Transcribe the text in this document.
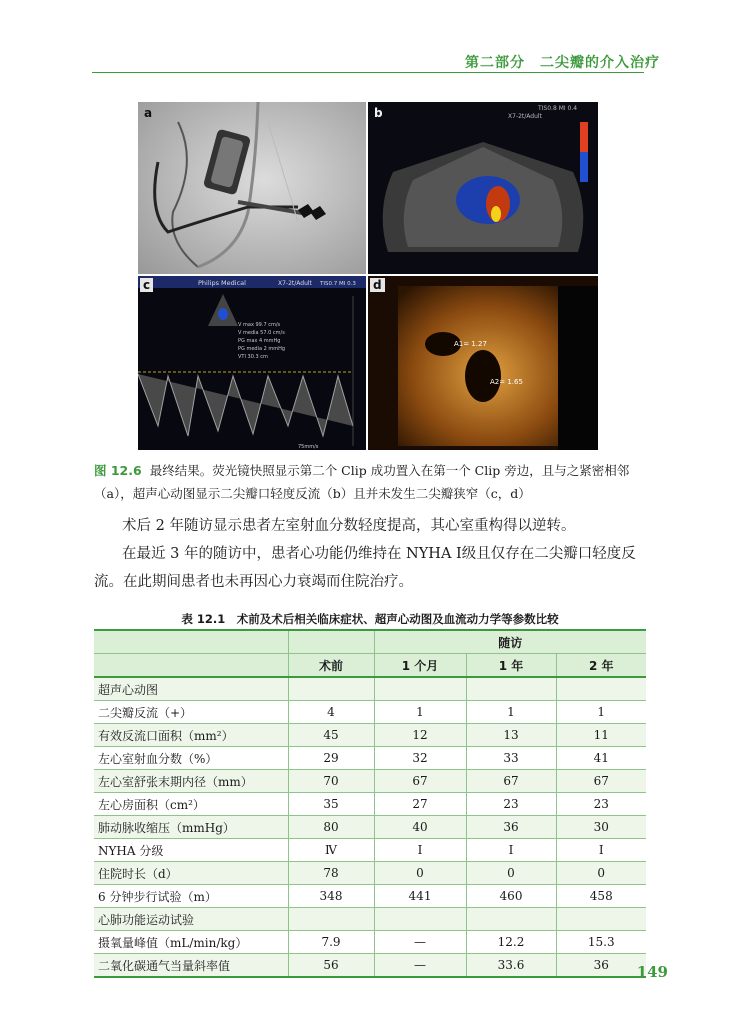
第二部分　二尖瓣的介入治疗
a	X7-2t/Adult
TIS0.8 MI 0.4
b
Philips Medical	X7-2t/Adult TIS0.7 MI 0.3
V max 99.7 cm/s
V media 57.0 cm/s
PG max 4 mmHg
PG media 2 mmHg
VTI 30.3 cm
75mm/s
c
A1= 1.27
A2= 1.65
d
图 12.6 最终结果。荧光镜快照显示第二个 Clip 成功置入在第一个 Clip 旁边，且与之紧密相邻（a），超声心动图显示二尖瓣口轻度反流（b）且并未发生二尖瓣狭窄（c，d）
术后 2 年随访显示患者左室射血分数轻度提高，其心室重构得以逆转。
在最近 3 年的随访中，患者心功能仍维持在 NYHA Ⅰ级且仅存在二尖瓣口轻度反流。在此期间患者也未再因心力衰竭而住院治疗。
表 12.1　术前及术后相关临床症状、超声心动图及血流动力学等参数比较
		随访		
	术前	1 个月	1 年	2 年
超声心动图				
二尖瓣反流（+）	4	1	1	1
有效反流口面积（mm²）	45	12	13	11
左心室射血分数（%）	29	32	33	41
左心室舒张末期内径（mm）	70	67	67	67
左心房面积（cm²）	35	27	23	23
肺动脉收缩压（mmHg）	80	40	36	30
NYHA 分级	Ⅳ	Ⅰ	Ⅰ	Ⅰ
住院时长（d）	78	0	0	0
6 分钟步行试验（m）	348	441	460	458
心肺功能运动试验				
摄氧量峰值（mL/min/kg）	7.9	—	12.2	15.3
二氧化碳通气当量斜率值	56	—	33.6	36 149
